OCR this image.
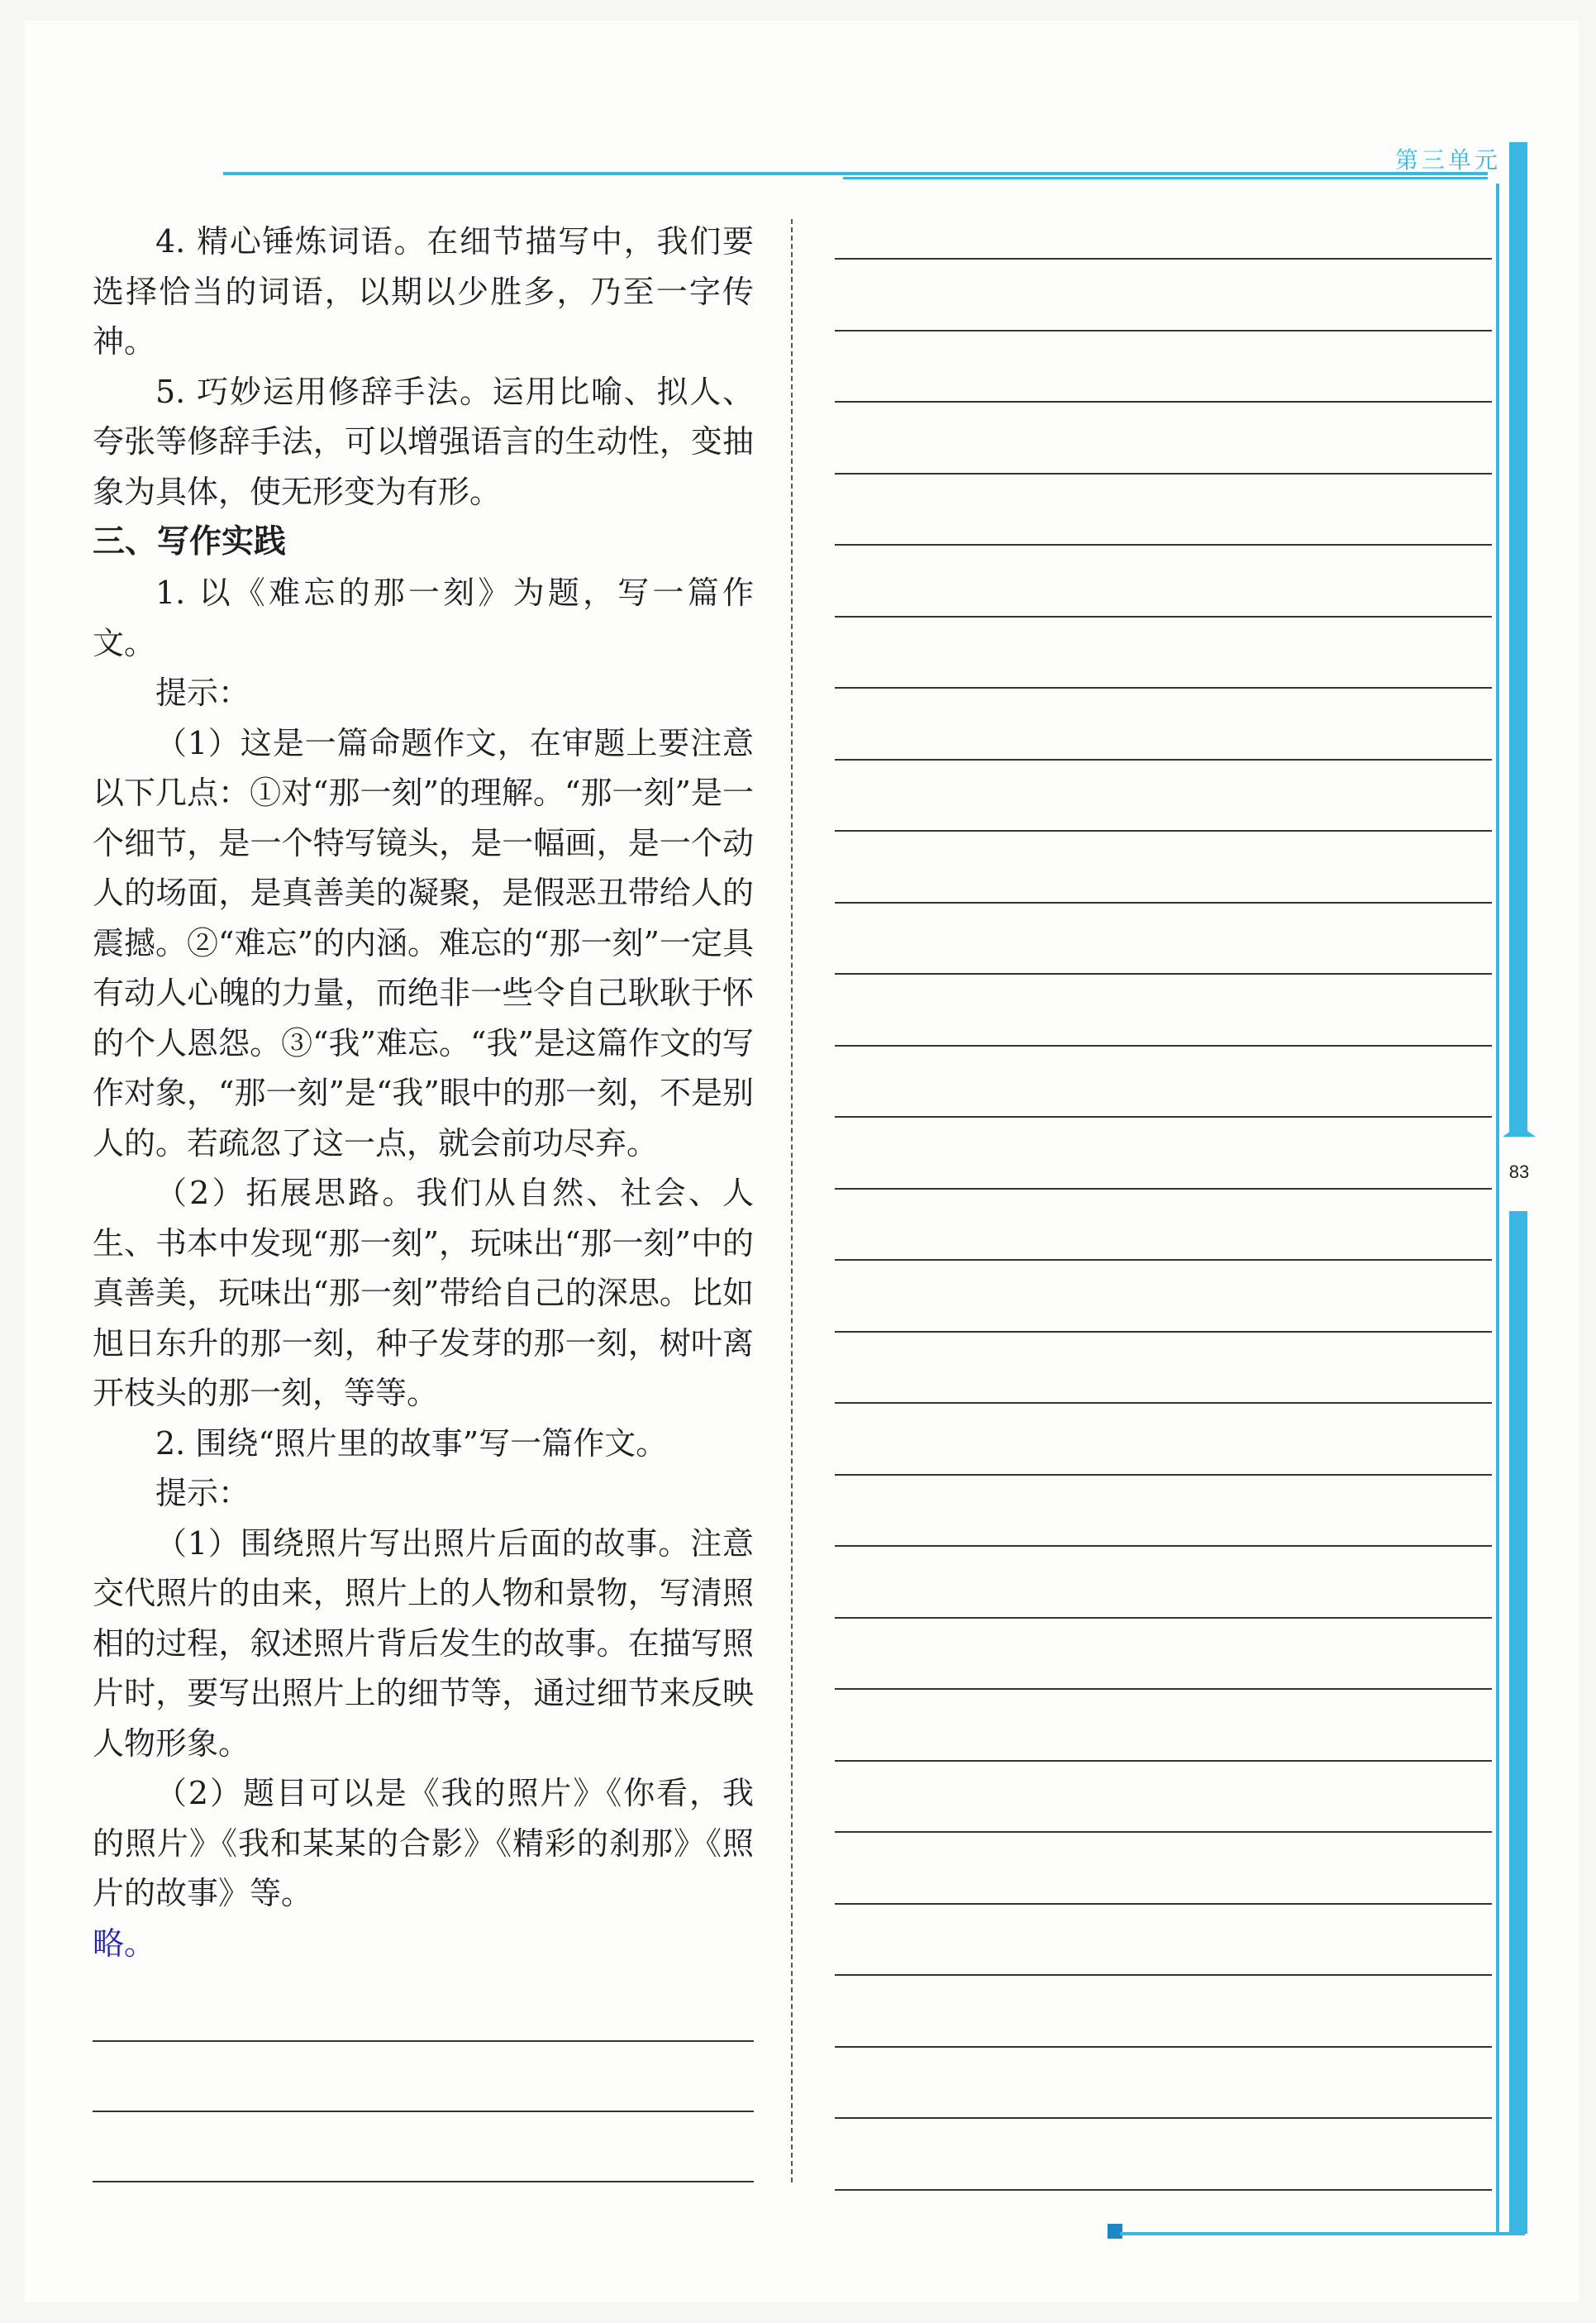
第三单元
83

4. 精心锤炼词语。在细节描写中，我们要选择恰当的词语，以期以少胜多，乃至一字传神。

5. 巧妙运用修辞手法。运用比喻、拟人、夸张等修辞手法，可以增强语言的生动性，变抽象为具体，使无形变为有形。

三、写作实践

1. 以《难忘的那一刻》为题，写一篇作文。

提示：

（1）这是一篇命题作文，在审题上要注意以下几点：①对“那一刻”的理解。“那一刻”是一个细节，是一个特写镜头，是一幅画，是一个动人的场面，是真善美的凝聚，是假恶丑带给人的震撼。②“难忘”的内涵。难忘的“那一刻”一定具有动人心魄的力量，而绝非一些令自己耿耿于怀的个人恩怨。③“我”难忘。“我”是这篇作文的写作对象，“那一刻”是“我”眼中的那一刻，不是别人的。若疏忽了这一点，就会前功尽弃。

（2）拓展思路。我们从自然、社会、人生、书本中发现“那一刻”，玩味出“那一刻”中的真善美，玩味出“那一刻”带给自己的深思。比如旭日东升的那一刻，种子发芽的那一刻，树叶离开枝头的那一刻，等等。

2. 围绕“照片里的故事”写一篇作文。

提示：

（1）围绕照片写出照片后面的故事。注意交代照片的由来，照片上的人物和景物，写清照相的过程，叙述照片背后发生的故事。在描写照片时，要写出照片上的细节等，通过细节来反映人物形象。

（2）题目可以是《我的照片》《你看，我的照片》《我和某某的合影》《精彩的刹那》《照片的故事》等。

略。
